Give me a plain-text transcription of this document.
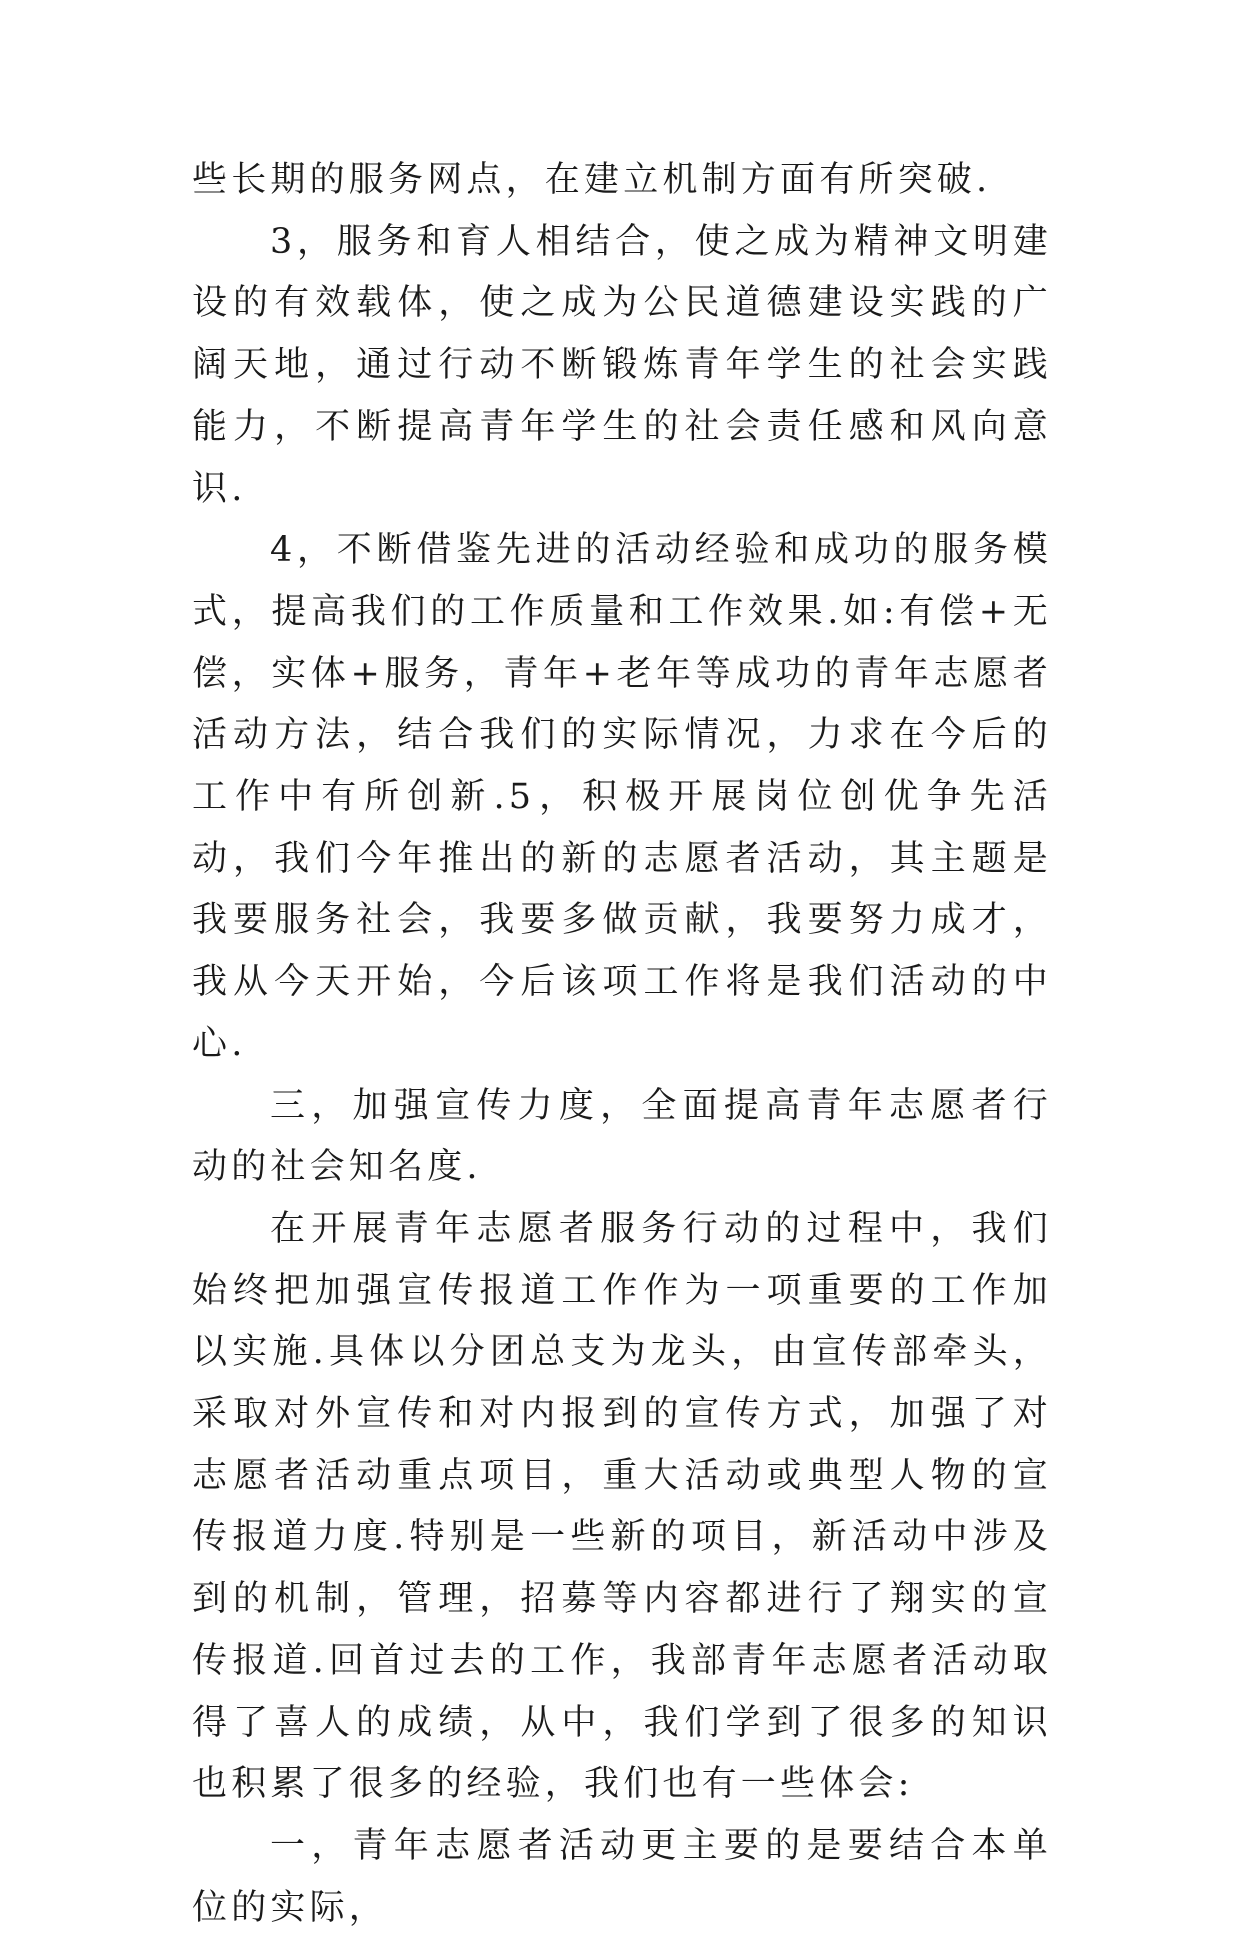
些长期的服务网点，在建立机制方面有所突破.

3，服务和育人相结合，使之成为精神文明建设的有效载体，使之成为公民道德建设实践的广阔天地，通过行动不断锻炼青年学生的社会实践能力，不断提高青年学生的社会责任感和风向意识.

4，不断借鉴先进的活动经验和成功的服务模式，提高我们的工作质量和工作效果.如:有偿+无偿，实体+服务，青年+老年等成功的青年志愿者活动方法，结合我们的实际情况，力求在今后的工作中有所创新.5，积极开展岗位创优争先活动，我们今年推出的新的志愿者活动，其主题是我要服务社会，我要多做贡献，我要努力成才，我从今天开始，今后该项工作将是我们活动的中心.

三，加强宣传力度，全面提高青年志愿者行动的社会知名度.

在开展青年志愿者服务行动的过程中，我们始终把加强宣传报道工作作为一项重要的工作加以实施.具体以分团总支为龙头，由宣传部牵头，采取对外宣传和对内报到的宣传方式，加强了对志愿者活动重点项目，重大活动或典型人物的宣传报道力度.特别是一些新的项目，新活动中涉及到的机制，管理，招募等内容都进行了翔实的宣传报道.回首过去的工作，我部青年志愿者活动取得了喜人的成绩，从中，我们学到了很多的知识也积累了很多的经验，我们也有一些体会:

一，青年志愿者活动更主要的是要结合本单位的实际，
